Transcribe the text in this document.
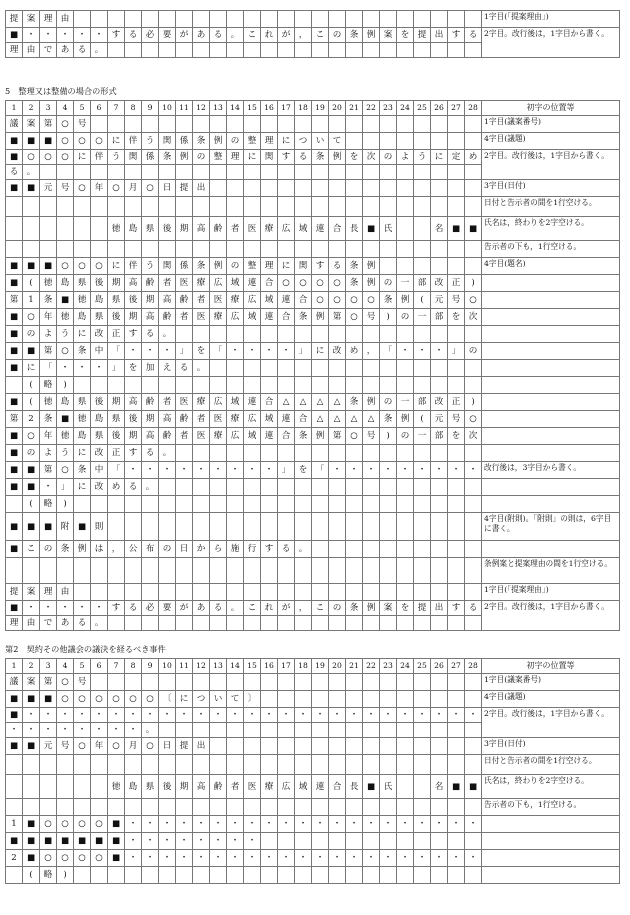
提	案	理	由																									1字目(「提案理由」)
■	・	・	・	・	・	す	る	必	要	が	あ	る	。	こ	れ	が	，	こ	の	条	例	案	を	提	出	す	る	2字目。改行後は，1字目から書く。
理	由	で	あ	る	。																							
5　整理又は整備の場合の形式
1	2	3	4	5	6	7	8	9	10	11	12	13	14	15	16	17	18	19	20	21	22	23	24	25	26	27	28	初字の位置等
議	案	第	○	号																								1字目(議案番号)
■	■	■	○	○	○	に	伴	う	関	係	条	例	の	整	理	に	つ	い	て									4字目(議題)
■	○	○	○	に	伴	う	関	係	条	例	の	整	理	に	関	す	る	条	例	を	次	の	よ	う	に	定	め	2字目。改行後は，1字目から書く。
る	。																											
■	■	元	号	○	年	○	月	○	日	提	出																	3字目(日付)
																												日付と告示者の間を1行空ける。
						徳	島	県	後	期	高	齢	者	医	療	広	域	連	合	長	■	氏			名	■	■	氏名は，終わりを2字空ける。
																												告示者の下も，1行空ける。
■	■	■	○	○	○	に	伴	う	関	係	条	例	の	整	理	に	関	す	る	条	例							4字目(題名)
■	(	徳	島	県	後	期	高	齢	者	医	療	広	域	連	合	○	○	○	○	条	例	の	一	部	改	正	)	
第	1	条	■	徳	島	県	後	期	高	齢	者	医	療	広	域	連	合	○	○	○	○	条	例	(	元	号	○	
■	○	年	徳	島	県	後	期	高	齢	者	医	療	広	域	連	合	条	例	第	○	号	)	の	一	部	を	次	
■	の	よ	う	に	改	正	す	る	。																			
■	■	第	○	条	中	「	・	・	・	」	を	「	・	・	・	・	」	に	改	め	，	「	・	・	・	」	の	
■	に	「	・	・	・	」	を	加	え	る	。																	
	(	略	)																									
■	(	徳	島	県	後	期	高	齢	者	医	療	広	域	連	合	△	△	△	△	条	例	の	一	部	改	正	)	
第	2	条	■	徳	島	県	後	期	高	齢	者	医	療	広	域	連	合	△	△	△	△	条	例	(	元	号	○	
■	○	年	徳	島	県	後	期	高	齢	者	医	療	広	域	連	合	条	例	第	○	号	)	の	一	部	を	次	
■	の	よ	う	に	改	正	す	る	。																			
■	■	第	○	条	中	「	・	・	・	・	・	・	・	・	・	」	を	「	・	・	・	・	・	・	・	・	・	改行後は，3字目から書く。
■	■	・	」	に	改	め	る	。																				
	(	略	)																									
■	■	■	附	■	則																							4字目(附則)。「附則」の則は，6字目に書く。
■	こ	の	条	例	は	，	公	布	の	日	か	ら	施	行	す	る	。											
																												条例案と提案理由の間を1行空ける。
提	案	理	由																									1字目(「提案理由」)
■	・	・	・	・	・	す	る	必	要	が	あ	る	。	こ	れ	が	，	こ	の	条	例	案	を	提	出	す	る	2字目。改行後は，1字目から書く。
理	由	で	あ	る	。																							
第2　契約その他議会の議決を経るべき事件
1	2	3	4	5	6	7	8	9	10	11	12	13	14	15	16	17	18	19	20	21	22	23	24	25	26	27	28	初字の位置等
議	案	第	○	号																								1字目(議案番号)
■	■	■	○	○	○	○	○	○	〔	に	つ	い	て	〕														4字目(議題)
■	・	・	・	・	・	・	・	・	・	・	・	・	・	・	・	・	・	・	・	・	・	・	・	・	・	・	・	2字目。改行後は，1字目から書く。
・	・	・	・	・	・	・	・	。																				
■	■	元	号	○	年	○	月	○	日	提	出																	3字目(日付)
																												日付と告示者の間を1行空ける。
						徳	島	県	後	期	高	齢	者	医	療	広	域	連	合	長	■	氏			名	■	■	氏名は，終わりを2字空ける。
																												告示者の下も，1行空ける。
1	■	○	○	○	○	■	・	・	・	・	・	・	・	・	・	・	・	・	・	・	・	・	・	・	・	・	・	
■	■	■	■	■	■	■	・	・	・	・	・	・	・	・														
2	■	○	○	○	○	■	・	・	・	・	・	・	・	・	・	・	・	・	・	・	・	・	・	・	・	・	・	
	(	略	)																									
